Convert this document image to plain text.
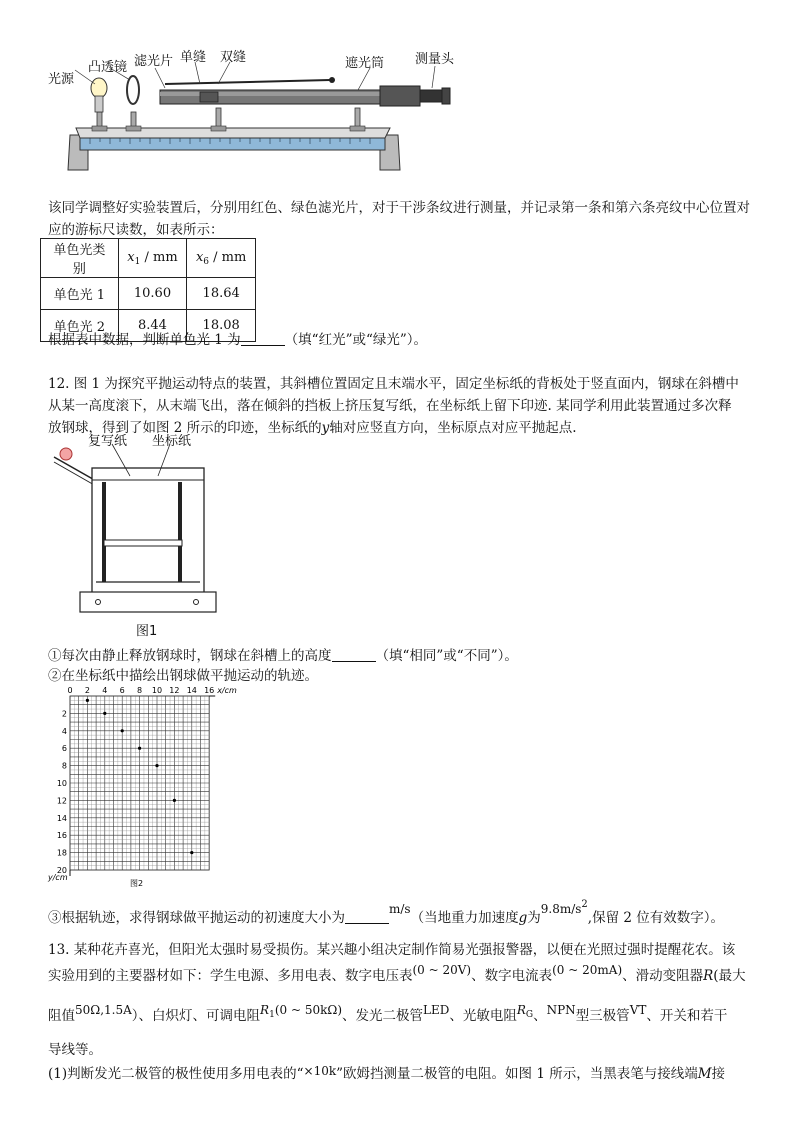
光源
凸透镜 滤光片 单缝 双缝	遮光筒 测量头
该同学调整好实验装置后，分别用红色、绿色滤光片，对于干涉条纹进行测量，并记录第一条和第六条亮纹中心位置对
应的游标尺读数，如表所示：
单色光类别	$x_1$ / mm	$x_6$ / mm
单色光 1	10.60	18.64
单色光 2	8.44	18.08
根据表中数据，判断单色光 1 为	（填“红光”或“绿光”）。
12. 图 1 为探究平抛运动特点的装置，其斜槽位置固定且末端水平，固定坐标纸的背板处于竖直面内，钢球在斜槽中
从某一高度滚下，从末端飞出，落在倾斜的挡板上挤压复写纸，在坐标纸上留下印迹. 某同学利用此装置通过多次释
放钢球，得到了如图 2 所示的印迹，坐标纸的y轴对应竖直方向，坐标原点对应平抛起点.
复写纸 坐标纸
图1
①每次由静止释放钢球时，钢球在斜槽上的高度	（填“相同”或“不同”）。
②在坐标纸中描绘出钢球做平抛运动的轨迹。
0 2 4 6 8 10 12 14 16 x/cm
2
4
6
8
10
12
14
16
18
20
y/cm
图2
③根据轨迹，求得钢球做平抛运动的初速度大小为m/s（当地重力加速度g为$9.8m/s^2$,保留 2 位有效数字）。
13. 某种花卉喜光，但阳光太强时易受损伤。某兴趣小组决定制作简易光强报警器，以便在光照过强时提醒花农。该
实验用到的主要器材如下：学生电源、多用电表、数字电压表(0 ~ 20V)、数字电流表(0 ~ 20mA)、滑动变阻器R(最大
阻值50Ω,1.5A）、白炽灯、可调电阻$R^1(0$ ~ 50kΩ)、发光二极管LED、光敏电阻$R^G$、NPN型三极管VT、开关和若干
导线等。
(1)判断发光二极管的极性使用多用电表的“×10k”欧姆挡测量二极管的电阻。如图 1 所示，当黑表笔与接线端M接
